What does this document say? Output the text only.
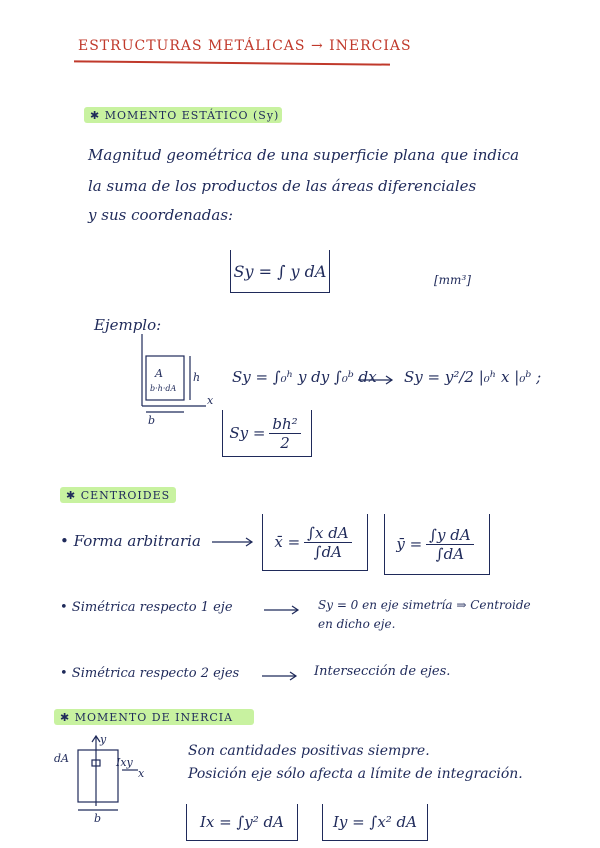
ESTRUCTURAS METÁLICAS → INERCIAS
✱ MOMENTO ESTÁTICO (Sy)
Magnitud geométrica de una superficie plana que indica
la suma de los productos de las áreas diferenciales
y sus coordenadas:
Sy = ∫ y dA	[mm³]
Ejemplo:
A
b·h·dA
h
x
b
Sy = ∫₀ʰ y dy ∫₀ᵇ dx Sy = y²/2 |₀ʰ x |₀ᵇ ;
$Sy = \frac{\text{bh²}}{2}$
✱ CENTROIDES
• Forma arbitraria	x̄ = $\frac{\text{∫x dA}}{\int dA}$	ȳ = $\frac{\text{∫y dA}}{\int dA}$
• Simétrica respecto 1 eje	Sy = 0 en eje simetría ⇒ Centroide
en dicho eje.
• Simétrica respecto 2 ejes	Intersección de ejes.
✱ MOMENTO DE INERCIA
dA
y
Ixy
x
b
Son cantidades positivas siempre.
Posición eje sólo afecta a límite de integración.
Ix = ∫y² dA	Iy = ∫x² dA
